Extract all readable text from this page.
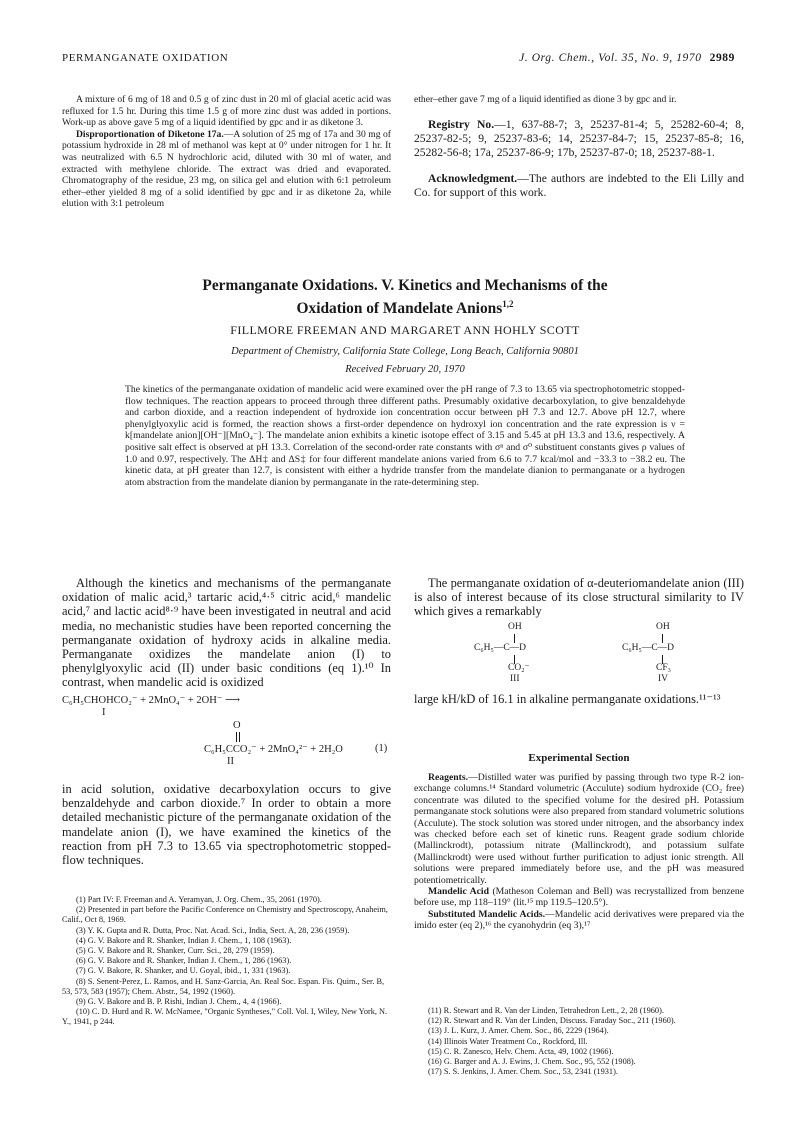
PERMANGANATE OXIDATION	J. Org. Chem., Vol. 35, No. 9, 1970 2989

A mixture of 6 mg of 18 and 0.5 g of zinc dust in 20 ml of glacial acetic acid was refluxed for 1.5 hr. During this time 1.5 g of more zinc dust was added in portions. Work-up as above gave 5 mg of a liquid identified by gpc and ir as diketone 3.

Disproportionation of Diketone 17a.—A solution of 25 mg of 17a and 30 mg of potassium hydroxide in 28 ml of methanol was kept at 0° under nitrogen for 1 hr. It was neutralized with 6.5 N hydrochloric acid, diluted with 30 ml of water, and extracted with methylene chloride. The extract was dried and evaporated. Chromatography of the residue, 23 mg, on silica gel and elution with 6:1 petroleum ether–ether yielded 8 mg of a solid identified by gpc and ir as diketone 2a, while elution with 3:1 petroleum

ether–ether gave 7 mg of a liquid identified as dione 3 by gpc and ir.

Registry No.—1, 637-88-7; 3, 25237-81-4; 5, 25282-60-4; 8, 25237-82-5; 9, 25237-83-6; 14, 25237-84-7; 15, 25237-85-8; 16, 25282-56-8; 17a, 25237-86-9; 17b, 25237-87-0; 18, 25237-88-1.

Acknowledgment.—The authors are indebted to the Eli Lilly and Co. for support of this work.

Permanganate Oxidations. V. Kinetics and Mechanisms of the
Oxidation of Mandelate Anions$^{1,2}$
FILLMORE FREEMAN AND MARGARET ANN HOHLY SCOTT
Department of Chemistry, California State College, Long Beach, California 90801
Received February 20, 1970
The kinetics of the permanganate oxidation of mandelic acid were examined over the pH range of 7.3 to 13.65 via spectrophotometric stopped-flow techniques. The reaction appears to proceed through three different paths. Presumably oxidative decarboxylation, to give benzaldehyde and carbon dioxide, and a reaction independent of hydroxide ion concentration occur between pH 7.3 and 12.7. Above pH 12.7, where phenylglyoxylic acid is formed, the reaction shows a first-order dependence on hydroxyl ion concentration and the rate expression is ν = k[mandelate anion][OH⁻][MnO₄⁻]. The mandelate anion exhibits a kinetic isotope effect of 3.15 and 5.45 at pH 13.3 and 13.6, respectively. A positive salt effect is observed at pH 13.3. Correlation of the second-order rate constants with σⁿ and σ⁰ substituent constants gives ρ values of 1.0 and 0.97, respectively. The ΔH‡ and ΔS‡ for four different mandelate anions varied from 6.6 to 7.7 kcal/mol and −33.3 to −38.2 eu. The kinetic data, at pH greater than 12.7, is consistent with either a hydride transfer from the mandelate dianion to permanganate or a hydrogen atom abstraction from the mandelate dianion by permanganate in the rate-determining step.

Although the kinetics and mechanisms of the permanganate oxidation of malic acid,³ tartaric acid,⁴·⁵ citric acid,⁶ mandelic acid,⁷ and lactic acid⁸·⁹ have been investigated in neutral and acid media, no mechanistic studies have been reported concerning the permanganate oxidation of hydroxy acids in alkaline media. Permanganate oxidizes the mandelate anion (I) to phenylglyoxylic acid (II) under basic conditions (eq 1).¹⁰ In contrast, when mandelic acid is oxidized

C₆H₅CHOHCO₂⁻ + 2MnO₄⁻ + 2OH⁻ ⟶
I
O
C₆H₅CCO₂⁻ + 2MnO₄²⁻ + 2H₂O	(1)
II

in acid solution, oxidative decarboxylation occurs to give benzaldehyde and carbon dioxide.⁷ In order to obtain a more detailed mechanistic picture of the permanganate oxidation of the mandelate anion (I), we have examined the kinetics of the reaction from pH 7.3 to 13.65 via spectrophotometric stopped-flow techniques.

(1) Part IV: F. Freeman and A. Yeramyan, J. Org. Chem., 35, 2061 (1970).

(2) Presented in part before the Pacific Conference on Chemistry and Spectroscopy, Anaheim, Calif., Oct 8, 1969.

(3) Y. K. Gupta and R. Dutta, Proc. Nat. Acad. Sci., India, Sect. A, 28, 236 (1959).

(4) G. V. Bakore and R. Shanker, Indian J. Chem., 1, 108 (1963).

(5) G. V. Bakore and R. Shanker, Curr. Sci., 28, 279 (1959).

(6) G. V. Bakore and R. Shanker, Indian J. Chem., 1, 286 (1963).

(7) G. V. Bakore, R. Shanker, and U. Goyal, ibid., 1, 331 (1963).

(8) S. Senent-Perez, L. Ramos, and H. Sanz-Garcia, An. Real Soc. Espan. Fis. Quim., Ser. B, 53, 573, 583 (1957); Chem. Abstr., 54, 1992 (1960).

(9) G. V. Bakore and B. P. Rishi, Indian J. Chem., 4, 4 (1966).

(10) C. D. Hurd and R. W. McNamee, "Organic Syntheses," Coll. Vol. I, Wiley, New York, N. Y., 1941, p 244.

The permanganate oxidation of α-deuteriomandelate anion (III) is also of interest because of its close structural similarity to IV which gives a remarkably

OH
C₆H₅—C—D
CO₂⁻
III
OH
C₆H₅—C—D
CF₃
IV

large kH/kD of 16.1 in alkaline permanganate oxidations.¹¹⁻¹³

Experimental Section

Reagents.—Distilled water was purified by passing through two type R-2 ion-exchange columns.¹⁴ Standard volumetric (Acculute) sodium hydroxide (CO₂ free) concentrate was diluted to the specified volume for the desired pH. Potassium permanganate stock solutions were also prepared from standard volumetric solutions (Acculute). The stock solution was stored under nitrogen, and the absorbancy index was checked before each set of kinetic runs. Reagent grade sodium chloride (Mallinckrodt), potassium nitrate (Mallinckrodt), and potassium sulfate (Mallinckrodt) were used without further purification to adjust ionic strength. All solutions were prepared immediately before use, and the pH was measured potentiometrically.

Mandelic Acid (Matheson Coleman and Bell) was recrystallized from benzene before use, mp 118–119° (lit.¹⁵ mp 119.5–120.5°).

Substituted Mandelic Acids.—Mandelic acid derivatives were prepared via the imido ester (eq 2),¹⁶ the cyanohydrin (eq 3),¹⁷

(11) R. Stewart and R. Van der Linden, Tetrahedron Lett., 2, 28 (1960).

(12) R. Stewart and R. Van der Linden, Discuss. Faraday Soc., 211 (1960).

(13) J. L. Kurz, J. Amer. Chem. Soc., 86, 2229 (1964).

(14) Illinois Water Treatment Co., Rockford, Ill.

(15) C. R. Zanesco, Helv. Chem. Acta, 49, 1002 (1966).

(16) G. Barger and A. J. Ewins, J. Chem. Soc., 95, 552 (1908).

(17) S. S. Jenkins, J. Amer. Chem. Soc., 53, 2341 (1931).
